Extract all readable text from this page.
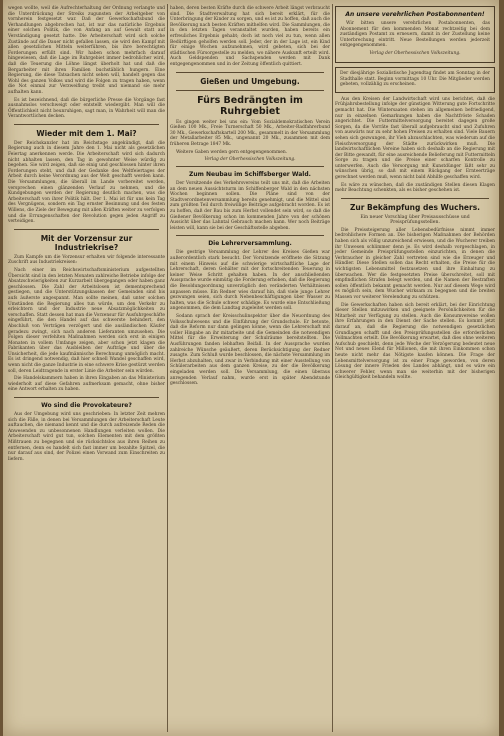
wegen wollte, weil die Aufrechterhaltung der Ordnung verlangte und die Unterdrückung der Streiks zugunsten der Arbeitgeber von vornherein festgesetzt war. Daß der Gewerkschaftsbund die Verhandlungen abgebrochen hat, ist nur das natürliche Ergebnis einer solchen Politik, die von Anfang an auf Gewalt statt auf Verständigung gesetzt hatte. Die Arbeiterschaft wird sich solche Zustände auf die Dauer nicht gefallen lassen, sie wird den Kampf mit allen gesetzlichen Mitteln weiterführen, bis ihre berechtigten Forderungen erfüllt sind. Wir haben schon mehrfach darauf hingewiesen, daß die Lage im Ruhrgebiet immer bedrohlicher wird, daß die Teuerung die Löhne längst überholt hat und daß die Bergarbeiter mit ihren Familien buchstäblich hungern. Eine Regierung, die diese Tatsachen nicht sehen will, handelt gegen das Wohl des ganzen Volkes und wird die Folgen zu tragen haben, wenn die Not einmal zur Verzweiflung treibt und niemand sie mehr aufhalten kann.
Es ist bezeichnend, daß die bürgerliche Presse die Vorgänge fast ausnahmslos verschweigt oder entstellt wiedergibt. Man will die Öffentlichkeit nicht beunruhigen, sagt man, in Wahrheit will man die Verantwortlichen decken.
Wieder mit dem 1. Mai?
Der Reichskanzler hat im Reichstage angekündigt, daß die Regierung auch in diesem Jahre den 1. Mai nicht als gesetzlichen Feiertag anerkennen werde. Die Arbeiterschaft wird sich dadurch nicht abhalten lassen, den Tag in gewohnter Weise würdig zu begehen. Sie wird zeigen, daß sie einig und geschlossen hinter ihren Forderungen steht, und daß der Gedanke des Weltfeiertages der Arbeit durch keine Verordnung aus der Welt geschafft werden kann. Die Versammlungen, die überall im Lande vorbereitet werden, versprechen einen glänzenden Verlauf zu nehmen, und die Kundgebungen werden der Regierung deutlich machen, was die Arbeiterschaft von ihrer Politik hält. Der 1. Mai ist für uns kein Tag des Vergnügens, sondern ein Tag ernster Besinnung und des festen Willens, die Ziele der Bewegung mit allen Kräften weiter zu verfolgen und die Errungenschaften der Revolution gegen jeden Angriff zu verteidigen.
Mit der Vorzensur zur Industriekrise?
Zum Kampfe um die Vorzensur erhalten wir folgende interessante Zuschrift aus Industriekreisen:
Nach einer im Reichswirtschaftsministerium aufgestellten Übersicht sind in den letzten Monaten zahlreiche Betriebe infolge der Absatzschwierigkeiten zur Kurzarbeit übergegangen oder haben ganz geschlossen. Die Zahl der Arbeitslosen ist dementsprechend gestiegen, und die Unterstützungskassen der Gemeinden sind bis aufs äußerste angespannt. Man sollte meinen, daß unter solchen Umständen die Regierung alles tun würde, um den Verkehr zu erleichtern und der Industrie neue Absatzmöglichkeiten zu verschaffen. Statt dessen hat man die Vorzensur für Ausfuhrgeschäfte eingeführt, die den Handel auf das schwerste behindert, den Abschluß von Verträgen verzögert und die ausländischen Käufer geradezu zwingt, sich nach anderen Lieferanten umzusehen. Die Folgen dieser verfehlten Maßnahmen werden sich erst in einigen Monaten in vollem Umfange zeigen, aber schon jetzt klagen die Fabrikanten über das Ausbleiben der Aufträge und über die Unsicherheit, die jede kaufmännische Berechnung unmöglich macht. Es ist dringend notwendig, daß hier schnell Wandel geschaffen wird, wenn nicht die ganze Industrie in eine schwere Krise gestürzt werden soll, deren Leidtragende in erster Linie die Arbeiter sein würden.
Die Handelskammern haben in ihren Eingaben an das Ministerium wiederholt auf diese Gefahren aufmerksam gemacht, ohne bisher eine Antwort erhalten zu haben.
Wo sind die Provokateure?
Aus der Umgebung wird uns geschrieben: In letzter Zeit mehren sich die Fälle, in denen bei Versammlungen der Arbeiterschaft Leute auftauchen, die niemand kennt und die durch aufreizende Reden die Anwesenden zu unbesonnenen Handlungen verleiten wollen. Die Arbeiterschaft wird gut tun, solchen Elementen mit dem größten Mißtrauen zu begegnen und sie rücksichtslos aus ihren Reihen zu entfernen, denn es handelt sich fast immer um bezahlte Spitzel, die nur darauf aus sind, der Polizei einen Vorwand zum Einschreiten zu liefern.
haben, deren besten Kräfte durch die schwere Arbeit längst verbraucht sind. Die Stadtverwaltung hat sich bereit erklärt, für die Unterbringung der Kinder zu sorgen, und es ist zu hoffen, daß auch die Bevölkerung nach besten Kräften mithelfen wird. Die Sammlungen, die in den letzten Tagen veranstaltet wurden, haben bereits ein erfreuliches Ergebnis gehabt; doch ist noch viel zu tun, wenn allen Bedürftigen geholfen werden soll. Jeder, der in der Lage ist, ein Kind für einige Wochen aufzunehmen, wird gebeten, sich bei der städtischen Fürsorgestelle zu melden, wo nähere Auskunft erteilt wird. Auch Geldspenden und Sachspenden werden mit Dank entgegengenommen und in der Zeitung öffentlich quittiert.
Gießen und Umgebung.
Fürs Bedrängten im Ruhrgebiet
Es gingen weiter bei uns ein: Vom Sozialdemokratischen Verein Gießen 100 Mk., Freie Turnerschaft 50 Mk., Arbeiter-Radfahrerbund 30 Mk., Gewerkschaftskartell 200 Mk., gesammelt in der Versammlung der Metallarbeiter 85 Mk., ungenannt 20 Mk., zusammen mit dem früheren Betrage 1847 Mk.
Weitere Gaben werden gern entgegengenommen.
Verlag der Oberhessischen Volkszeitung.
Zum Neubau im Schiffsberger Wald.
Der Vorsitzende des Verkehrsvereins teilt uns mit, daß die Arbeiten an dem neuen Aussichtsturm im Schiffenberger Wald in den nächsten Wochen beginnen sollen. Die Pläne sind von der Stadtverordnetenversammlung bereits genehmigt, und die Mittel sind zum größten Teil durch freiwillige Beiträge aufgebracht worden. Es ist zu hoffen, daß der Bau bis zum Herbst vollendet sein wird, so daß die Gießener Bevölkerung schon im kommenden Jahre von der schönen Aussicht über das Lahntal Gebrauch machen kann. Wer noch Beiträge leisten will, kann sie bei der Geschäftsstelle abgeben.
Die Lehrerversammlung.
Die gestrige Versammlung der Lehrer des Kreises Gießen war außerordentlich stark besucht. Der Vorsitzende eröffnete die Sitzung mit einem Hinweis auf die schwierige wirtschaftliche Lage der Lehrerschaft, deren Gehälter mit der fortschreitenden Teuerung in keiner Weise Schritt gehalten haben. In der anschließenden Aussprache wurde einmütig die Forderung erhoben, daß die Regierung die Besoldungsordnung unverzüglich den veränderten Verhältnissen anpassen müsse. Ein Redner wies darauf hin, daß viele junge Lehrer gezwungen seien, sich durch Nebenbeschäftigungen über Wasser zu halten, was die Schule schwer schädige. Es wurde eine Entschließung angenommen, die dem Landtag zugeleitet werden soll.
Sodann sprach der Kreisschulinspektor über die Neuordnung des Volksschulwesens und die Einführung der Grundschule. Er betonte, daß die Reform nur dann gelingen könne, wenn die Lehrerschaft mit voller Hingabe an ihr mitarbeite und die Gemeinden die notwendigen Mittel für die Erweiterung der Schulräume bereitstellten. Die Ausführungen fanden lebhaften Beifall. In der Aussprache wurden zahlreiche Wünsche geäußert, deren Berücksichtigung der Redner zusagte. Zum Schluß wurde beschlossen, die nächste Versammlung im Herbst abzuhalten, und zwar in Verbindung mit einer Ausstellung von Schülerarbeiten aus dem ganzen Kreise, zu der die Bevölkerung eingeladen werden soll. Die Versammlung, die einen überaus anregenden Verlauf nahm, wurde erst in später Abendstunde geschlossen.
An unsere verehrlichen Postabonnenten!
Wir bitten unsere verehrlichen Postabonnenten, das Abonnement für den kommenden Monat rechtzeitig bei dem zuständigen Postamt zu erneuern, damit in der Zustellung keine Unterbrechung eintritt. Neue Bestellungen werden jederzeit entgegengenommen.
Verlag der Oberhessischen Volkszeitung.
Der diesjährige Sozialistische Jugendtag findet am Sonntag in der Stadthalle statt. Beginn vormittags 10 Uhr. Die Mitglieder werden gebeten, vollzählig zu erscheinen.
Aus den Kreisen der Landwirtschaft wird uns berichtet, daß die Frühjahrsbestellung infolge der günstigen Witterung gute Fortschritte gemacht hat. Die Wintersaaten stehen im allgemeinen befriedigend, nur in einzelnen Gemarkungen haben die Nachtfröste Schaden angerichtet. Die Futtermittelversorgung bereitet dagegen große Sorgen, da die Vorräte fast überall aufgebraucht sind und Zufuhren von auswärts nur zu sehr hohen Preisen zu erhalten sind. Viele Bauern sehen sich gezwungen, ihr Vieh abzuschlachten, was wiederum auf die Fleischversorgung der Städte zurückwirken muß. Die landwirtschaftlichen Vereine haben sich deshalb an die Regierung mit der Bitte gewandt, für eine ausreichende Belieferung mit Futtermitteln Sorge zu tragen und die Preise einer scharfen Kontrolle zu unterwerfen. Auch die Versorgung mit Kunstdünger läßt sehr zu wünschen übrig, so daß mit einem Rückgang der Ernteerträge gerechnet werden muß, wenn nicht bald Abhilfe geschaffen wird.
Es wäre zu wünschen, daß die zuständigen Stellen diesen Klagen mehr Beachtung schenkten, als es bisher geschehen ist.
Zur Bekämpfung des Wuchers.
Ein neuer Vorschlag über Preisausschüsse und Preisprüfungsstellen.
Die Preissteigerung aller Lebensbedürfnisse nimmt immer bedrohlichere Formen an. Die bisherigen Maßnahmen der Behörden haben sich als völlig unzureichend erwiesen, und die Wucherer treiben ihr Unwesen schlimmer denn je. Es wird deshalb vorgeschlagen, in jeder Gemeinde Preisprüfungsstellen einzurichten, in denen die Verbraucher in gleicher Zahl vertreten sind wie die Erzeuger und Händler. Diese Stellen sollen das Recht erhalten, die Preise für die wichtigsten Lebensmittel festzusetzen und ihre Einhaltung zu überwachen. Wer die festgesetzten Preise überschreitet, soll mit empfindlichen Strafen belegt werden, und die Namen der Bestraften sollen öffentlich bekannt gemacht werden. Nur auf diesem Wege wird es möglich sein, dem Wucher wirksam zu begegnen und die breiten Massen vor weiterer Verelendung zu schützen.
Die Gewerkschaften haben sich bereit erklärt, bei der Einrichtung dieser Stellen mitzuwirken und geeignete Persönlichkeiten für die Mitarbeit zur Verfügung zu stellen. Auch die Konsumvereine wollen ihre Erfahrungen in den Dienst der Sache stellen. Es kommt jetzt darauf an, daß die Regierung die notwendigen gesetzlichen Grundlagen schafft und den Preisprüfungsstellen die erforderlichen Vollmachten erteilt. Die Bevölkerung erwartet, daß dies ohne weiteren Aufschub geschieht, denn jede Woche der Verzögerung bedeutet neue Not und neues Elend für Millionen, die mit ihren Einkommen schon heute nicht mehr das Nötigste kaufen können. Die Frage der Lebensmittelversorgung ist zu einer Frage geworden, von deren Lösung der innere Frieden des Landes abhängt, und es wäre ein schwerer Fehler, wenn man sie weiterhin mit der bisherigen Gleichgültigkeit behandeln wollte.
